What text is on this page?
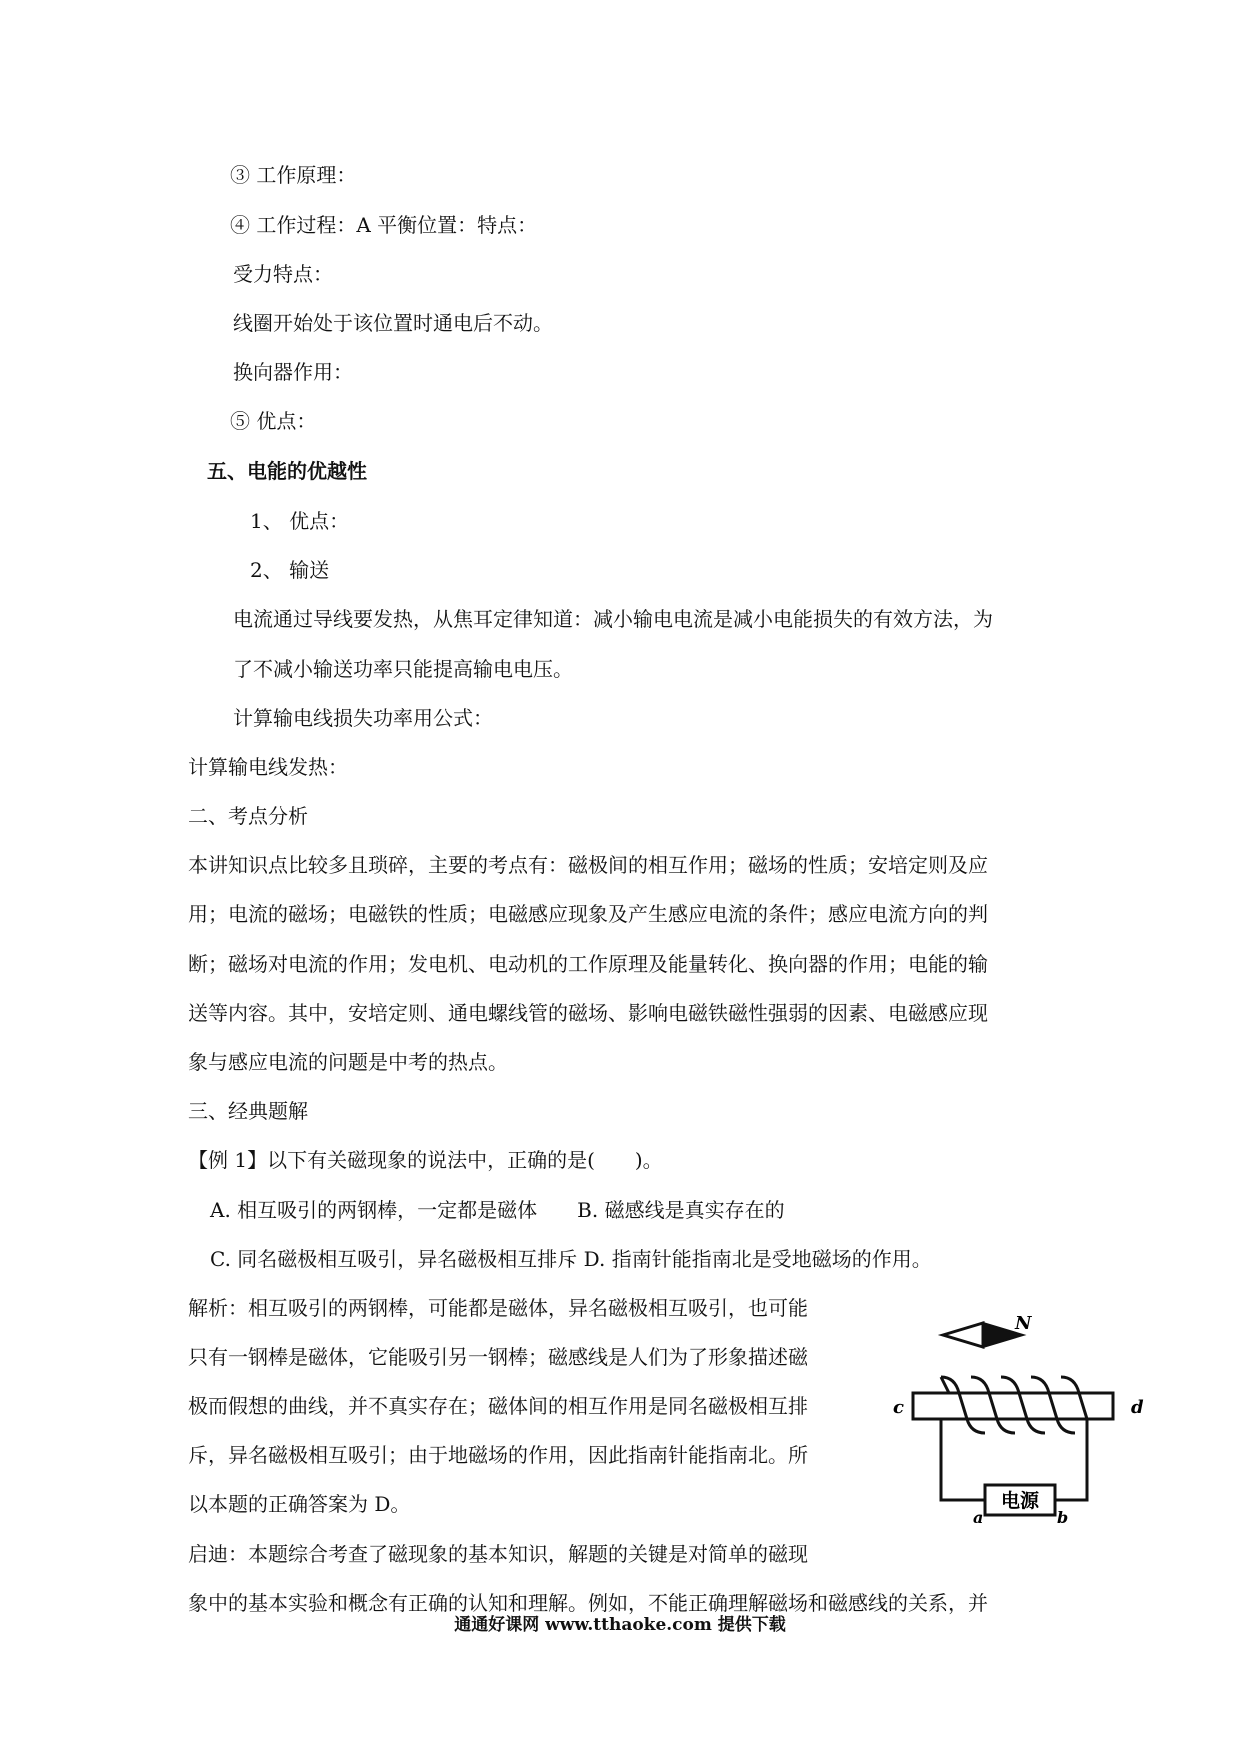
③ 工作原理：
④ 工作过程：A 平衡位置：特点：
受力特点：
线圈开始处于该位置时通电后不动。
换向器作用：
⑤ 优点：
五、电能的优越性
1、 优点：
2、 输送
电流通过导线要发热，从焦耳定律知道：减小输电电流是减小电能损失的有效方法，为
了不减小输送功率只能提高输电电压。
计算输电线损失功率用公式：
计算输电线发热：
二、考点分析
本讲知识点比较多且琐碎，主要的考点有：磁极间的相互作用；磁场的性质；安培定则及应
用；电流的磁场；电磁铁的性质；电磁感应现象及产生感应电流的条件；感应电流方向的判
断；磁场对电流的作用；发电机、电动机的工作原理及能量转化、换向器的作用；电能的输
送等内容。其中，安培定则、通电螺线管的磁场、影响电磁铁磁性强弱的因素、电磁感应现
象与感应电流的问题是中考的热点。
三、经典题解
【例 1】以下有关磁现象的说法中，正确的是(　　)。
A. 相互吸引的两钢棒，一定都是磁体　　B. 磁感线是真实存在的
C. 同名磁极相互吸引，异名磁极相互排斥 D. 指南针能指南北是受地磁场的作用。
解析：相互吸引的两钢棒，可能都是磁体，异名磁极相互吸引，也可能
只有一钢棒是磁体，它能吸引另一钢棒；磁感线是人们为了形象描述磁
极而假想的曲线，并不真实存在；磁体间的相互作用是同名磁极相互排
斥，异名磁极相互吸引；由于地磁场的作用，因此指南针能指南北。所
以本题的正确答案为 D。
启迪：本题综合考查了磁现象的基本知识，解题的关键是对简单的磁现
象中的基本实验和概念有正确的认知和理解。例如，不能正确理解磁场和磁感线的关系，并
N
c	d
电源
a	b
通通好课网 www.tthaoke.com 提供下载
